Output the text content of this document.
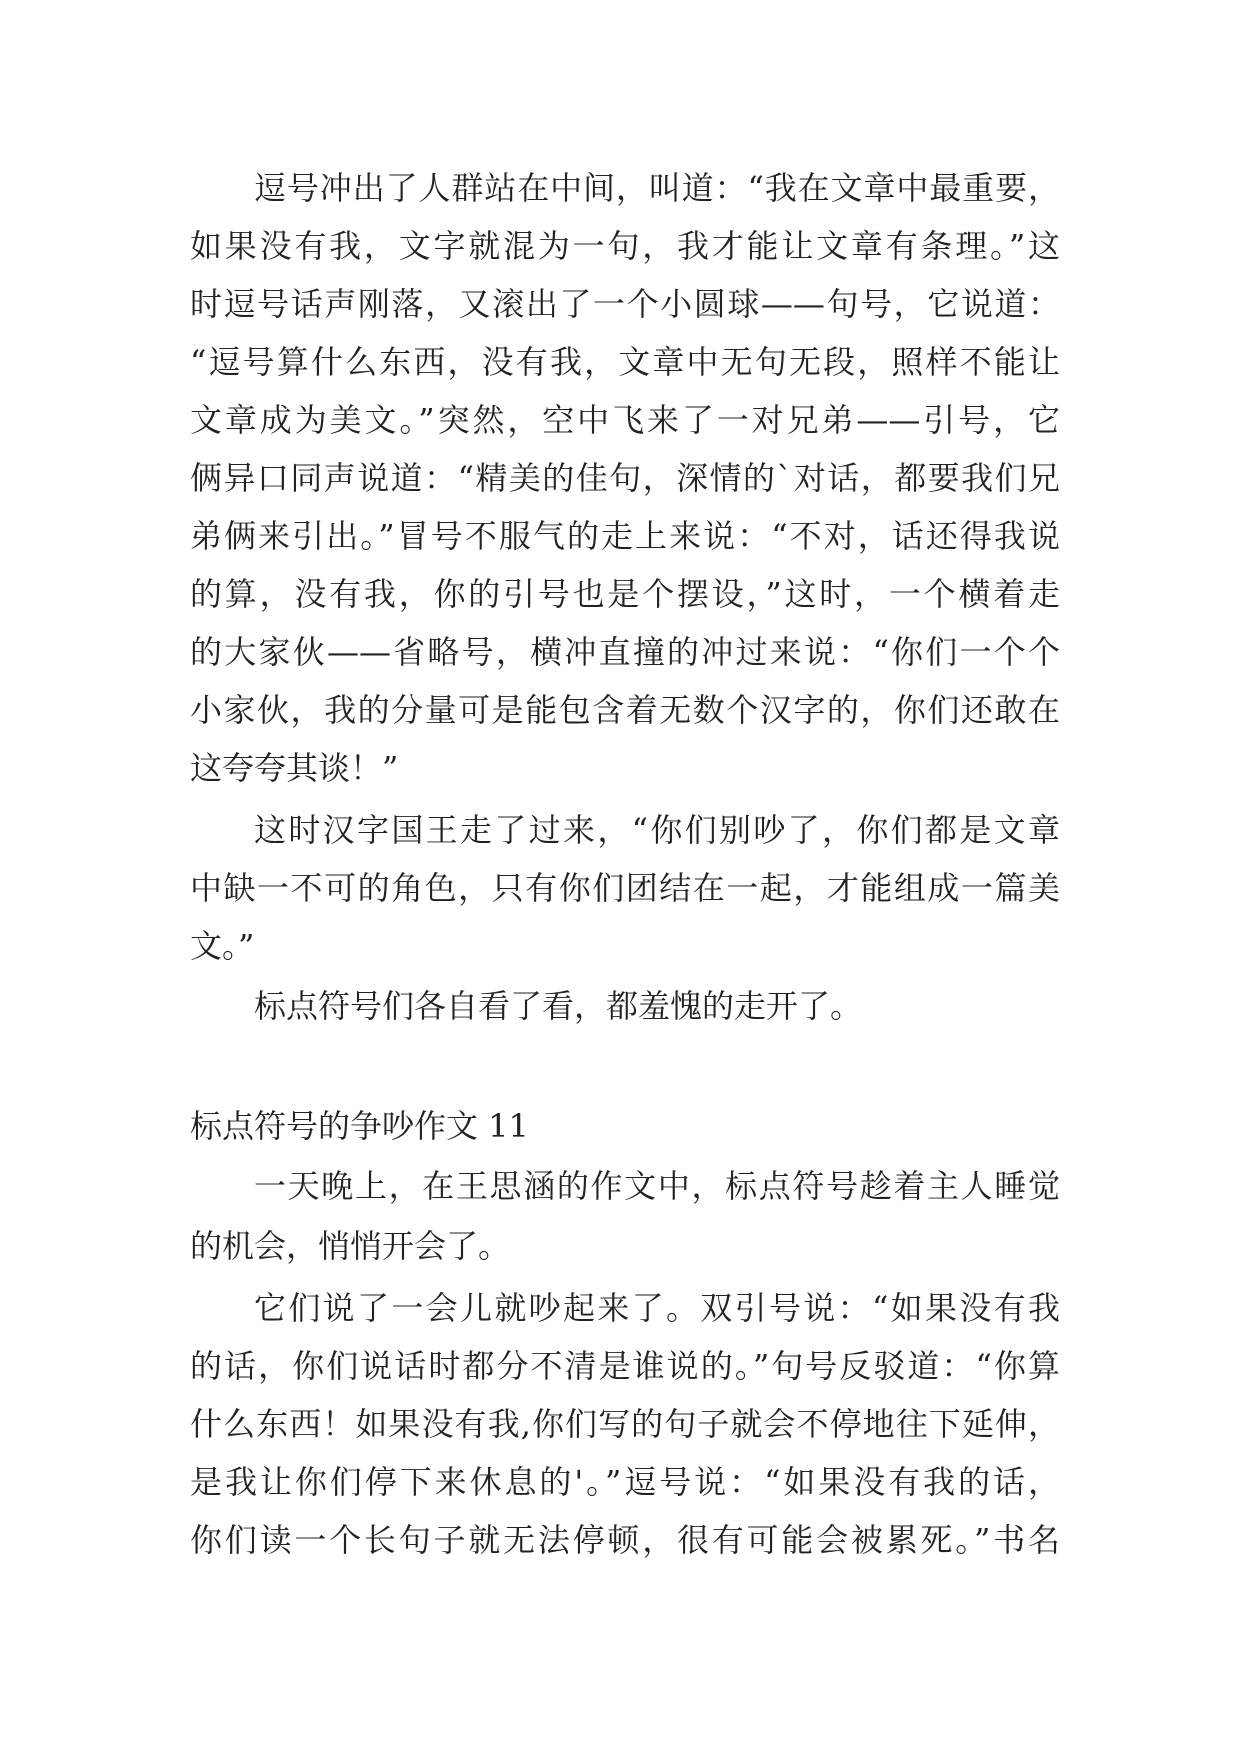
逗号冲出了人群站在中间，叫道：“我在文章中最重要，
如果没有我，文字就混为一句，我才能让文章有条理。”这
时逗号话声刚落，又滚出了一个小圆球——句号，它说道：
“逗号算什么东西，没有我，文章中无句无段，照样不能让
文章成为美文。”突然，空中飞来了一对兄弟——引号，它
俩异口同声说道：“精美的佳句，深情的`对话，都要我们兄
弟俩来引出。”冒号不服气的走上来说：“不对，话还得我说
的算，没有我，你的引号也是个摆设，”这时，一个横着走
的大家伙——省略号，横冲直撞的冲过来说：“你们一个个
小家伙，我的分量可是能包含着无数个汉字的，你们还敢在
这夸夸其谈！”
这时汉字国王走了过来，“你们别吵了，你们都是文章
中缺一不可的角色，只有你们团结在一起，才能组成一篇美
文。”
标点符号们各自看了看，都羞愧的走开了。
标点符号的争吵作文 11
一天晚上，在王思涵的作文中，标点符号趁着主人睡觉
的机会，悄悄开会了。
它们说了一会儿就吵起来了。双引号说：“如果没有我
的话，你们说话时都分不清是谁说的。”句号反驳道：“你算
什么东西！如果没有我,你们写的句子就会不停地往下延伸，
是我让你们停下来休息的'。”逗号说：“如果没有我的话，
你们读一个长句子就无法停顿，很有可能会被累死。”书名
